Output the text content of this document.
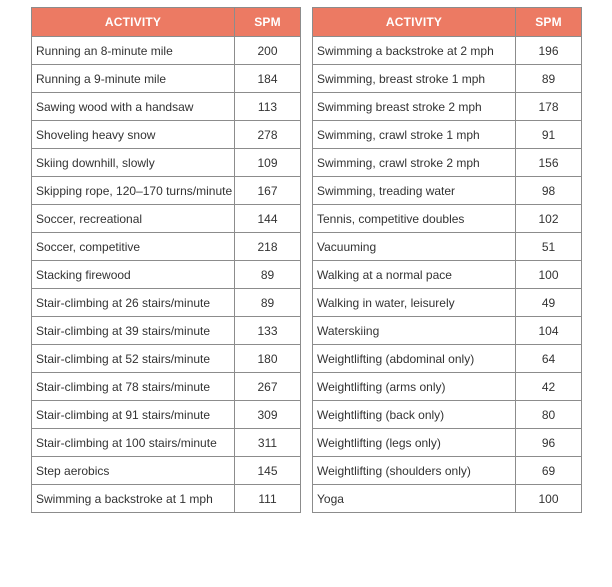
ACTIVITY	SPM
Running an 8-minute mile	200
Running a 9-minute mile	184
Sawing wood with a handsaw	113
Shoveling heavy snow	278
Skiing downhill, slowly	109
Skipping rope, 120–170 turns/minute	167
Soccer, recreational	144
Soccer, competitive	218
Stacking firewood	89
Stair-climbing at 26 stairs/minute	89
Stair-climbing at 39 stairs/minute	133
Stair-climbing at 52 stairs/minute	180
Stair-climbing at 78 stairs/minute	267
Stair-climbing at 91 stairs/minute	309
Stair-climbing at 100 stairs/minute	311
Step aerobics	145
Swimming a backstroke at 1 mph	111
ACTIVITY	SPM
Swimming a backstroke at 2 mph	196
Swimming, breast stroke 1 mph	89
Swimming breast stroke 2 mph	178
Swimming, crawl stroke 1 mph	91
Swimming, crawl stroke 2 mph	156
Swimming, treading water	98
Tennis, competitive doubles	102
Vacuuming	51
Walking at a normal pace	100
Walking in water, leisurely	49
Waterskiing	104
Weightlifting (abdominal only)	64
Weightlifting (arms only)	42
Weightlifting (back only)	80
Weightlifting (legs only)	96
Weightlifting (shoulders only)	69
Yoga	100
